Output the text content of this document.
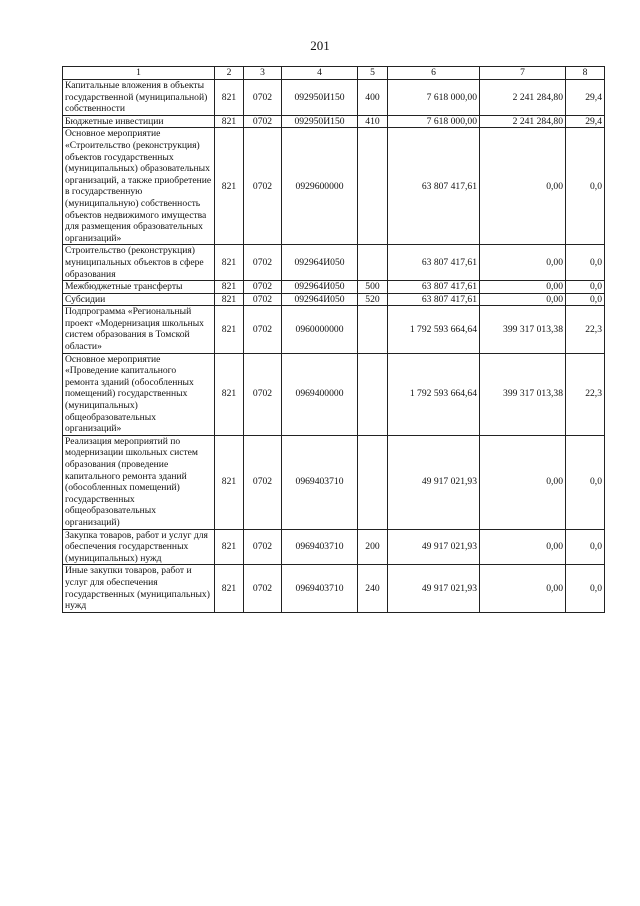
201
1	2	3	4	5	6	7	8
Капитальные вложения в объекты государственной (муниципальной) собственности	821	0702	092950И150	400	7 618 000,00	2 241 284,80	29,4
Бюджетные инвестиции	821	0702	092950И150	410	7 618 000,00	2 241 284,80	29,4
Основное мероприятие «Строительство (реконструкция) объектов государственных (муниципальных) образовательных организаций, а также приобретение в государственную (муниципальную) собственность объектов недвижимого имущества для размещения образовательных организаций»	821	0702	0929600000		63 807 417,61	0,00	0,0
Строительство (реконструкция) муниципальных объектов в сфере образования	821	0702	092964И050		63 807 417,61	0,00	0,0
Межбюджетные трансферты	821	0702	092964И050	500	63 807 417,61	0,00	0,0
Субсидии	821	0702	092964И050	520	63 807 417,61	0,00	0,0
Подпрограмма «Региональный проект «Модернизация школьных систем образования в Томской области»	821	0702	0960000000		1 792 593 664,64	399 317 013,38	22,3
Основное мероприятие «Проведение капитального ремонта зданий (обособленных помещений) государственных (муниципальных) общеобразовательных организаций»	821	0702	0969400000		1 792 593 664,64	399 317 013,38	22,3
Реализация мероприятий по модернизации школьных систем образования (проведение капитального ремонта зданий (обособленных помещений) государственных общеобразовательных организаций)	821	0702	0969403710		49 917 021,93	0,00	0,0
Закупка товаров, работ и услуг для обеспечения государственных (муниципальных) нужд	821	0702	0969403710	200	49 917 021,93	0,00	0,0
Иные закупки товаров, работ и услуг для обеспечения государственных (муниципальных) нужд	821	0702	0969403710	240	49 917 021,93	0,00	0,0
